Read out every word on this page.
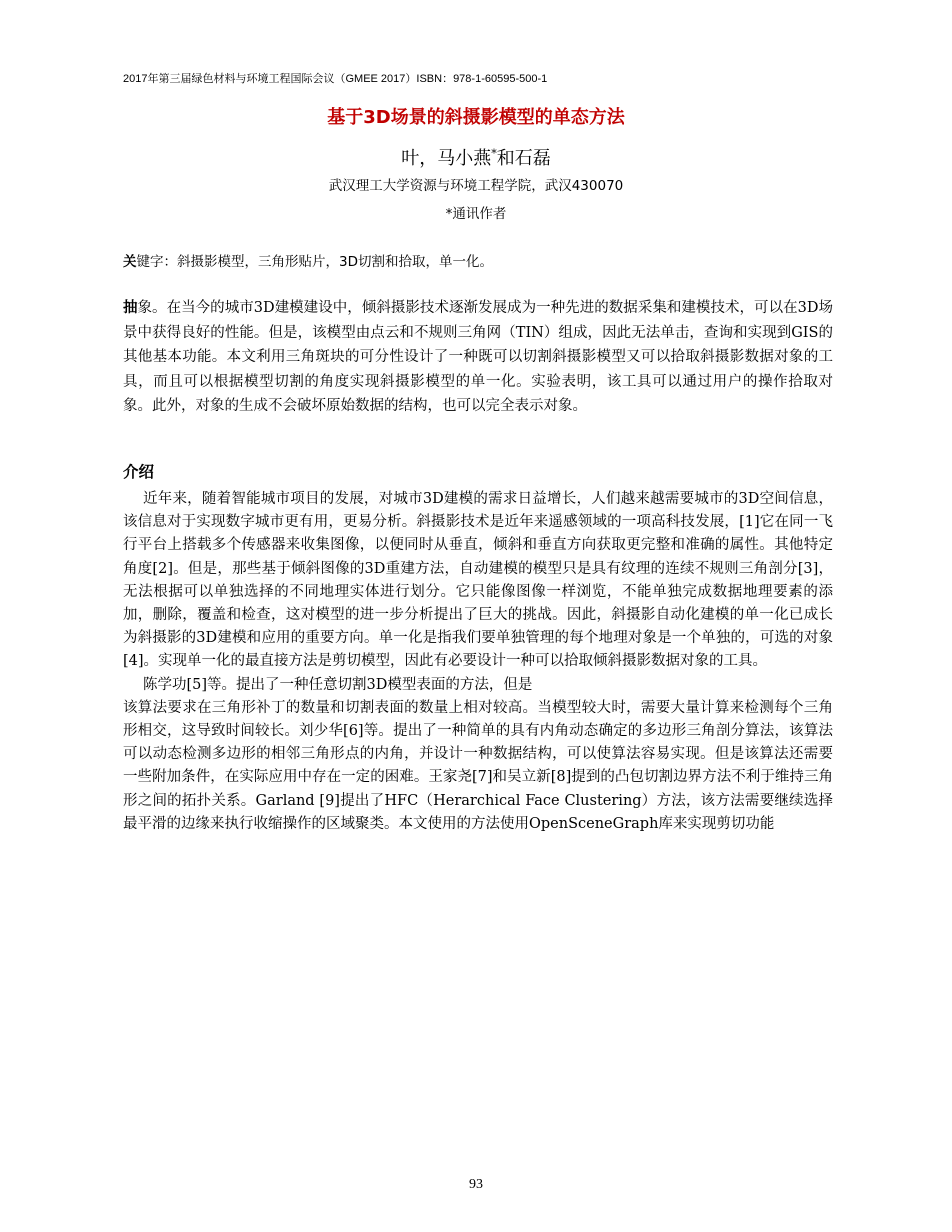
2017年第三届绿色材料与环境工程国际会议（GMEE 2017）ISBN：978-1-60595-500-1
基于3D场景的斜摄影模型的单态方法
叶，马小燕*和石磊
武汉理工大学资源与环境工程学院，武汉430070
*通讯作者
关键字：斜摄影模型，三角形贴片，3D切割和拾取，单一化。
抽象。在当今的城市3D建模建设中，倾斜摄影技术逐渐发展成为一种先进的数据采集和建模技术，可以在3D场景中获得良好的性能。但是，该模型由点云和不规则三角网（TIN）组成，因此无法单击，查询和实现到GIS的其他基本功能。本文利用三角斑块的可分性设计了一种既可以切割斜摄影模型又可以拾取斜摄影数据对象的工具，而且可以根据模型切割的角度实现斜摄影模型的单一化。实验表明，该工具可以通过用户的操作拾取对象。此外，对象的生成不会破坏原始数据的结构，也可以完全表示对象。
介绍

近年来，随着智能城市项目的发展，对城市3D建模的需求日益增长，人们越来越需要城市的3D空间信息，该信息对于实现数字城市更有用，更易分析。斜摄影技术是近年来遥感领域的一项高科技发展，[1]它在同一飞行平台上搭载多个传感器来收集图像，以便同时从垂直，倾斜和垂直方向获取更完整和准确的属性。其他特定角度[2]。但是，那些基于倾斜图像的3D重建方法，自动建模的模型只是具有纹理的连续不规则三角剖分[3]，无法根据可以单独选择的不同地理实体进行划分。它只能像图像一样浏览，不能单独完成数据地理要素的添加，删除，覆盖和检查，这对模型的进一步分析提出了巨大的挑战。因此，斜摄影自动化建模的单一化已成长为斜摄影的3D建模和应用的重要方向。单一化是指我们要单独管理的每个地理对象是一个单独的，可选的对象[4]。实现单一化的最直接方法是剪切模型，因此有必要设计一种可以拾取倾斜摄影数据对象的工具。

陈学功[5]等。提出了一种任意切割3D模型表面的方法，但是

该算法要求在三角形补丁的数量和切割表面的数量上相对较高。当模型较大时，需要大量计算来检测每个三角形相交，这导致时间较长。刘少华[6]等。提出了一种简单的具有内角动态确定的多边形三角剖分算法，该算法可以动态检测多边形的相邻三角形点的内角，并设计一种数据结构，可以使算法容易实现。但是该算法还需要一些附加条件，在实际应用中存在一定的困难。王家尧[7]和吴立新[8]提到的凸包切割边界方法不利于维持三角形之间的拓扑关系。Garland [9]提出了HFC（Herarchical Face Clustering）方法，该方法需要继续选择最平滑的边缘来执行收缩操作的区域聚类。本文使用的方法使用OpenSceneGraph库来实现剪切功能

93
